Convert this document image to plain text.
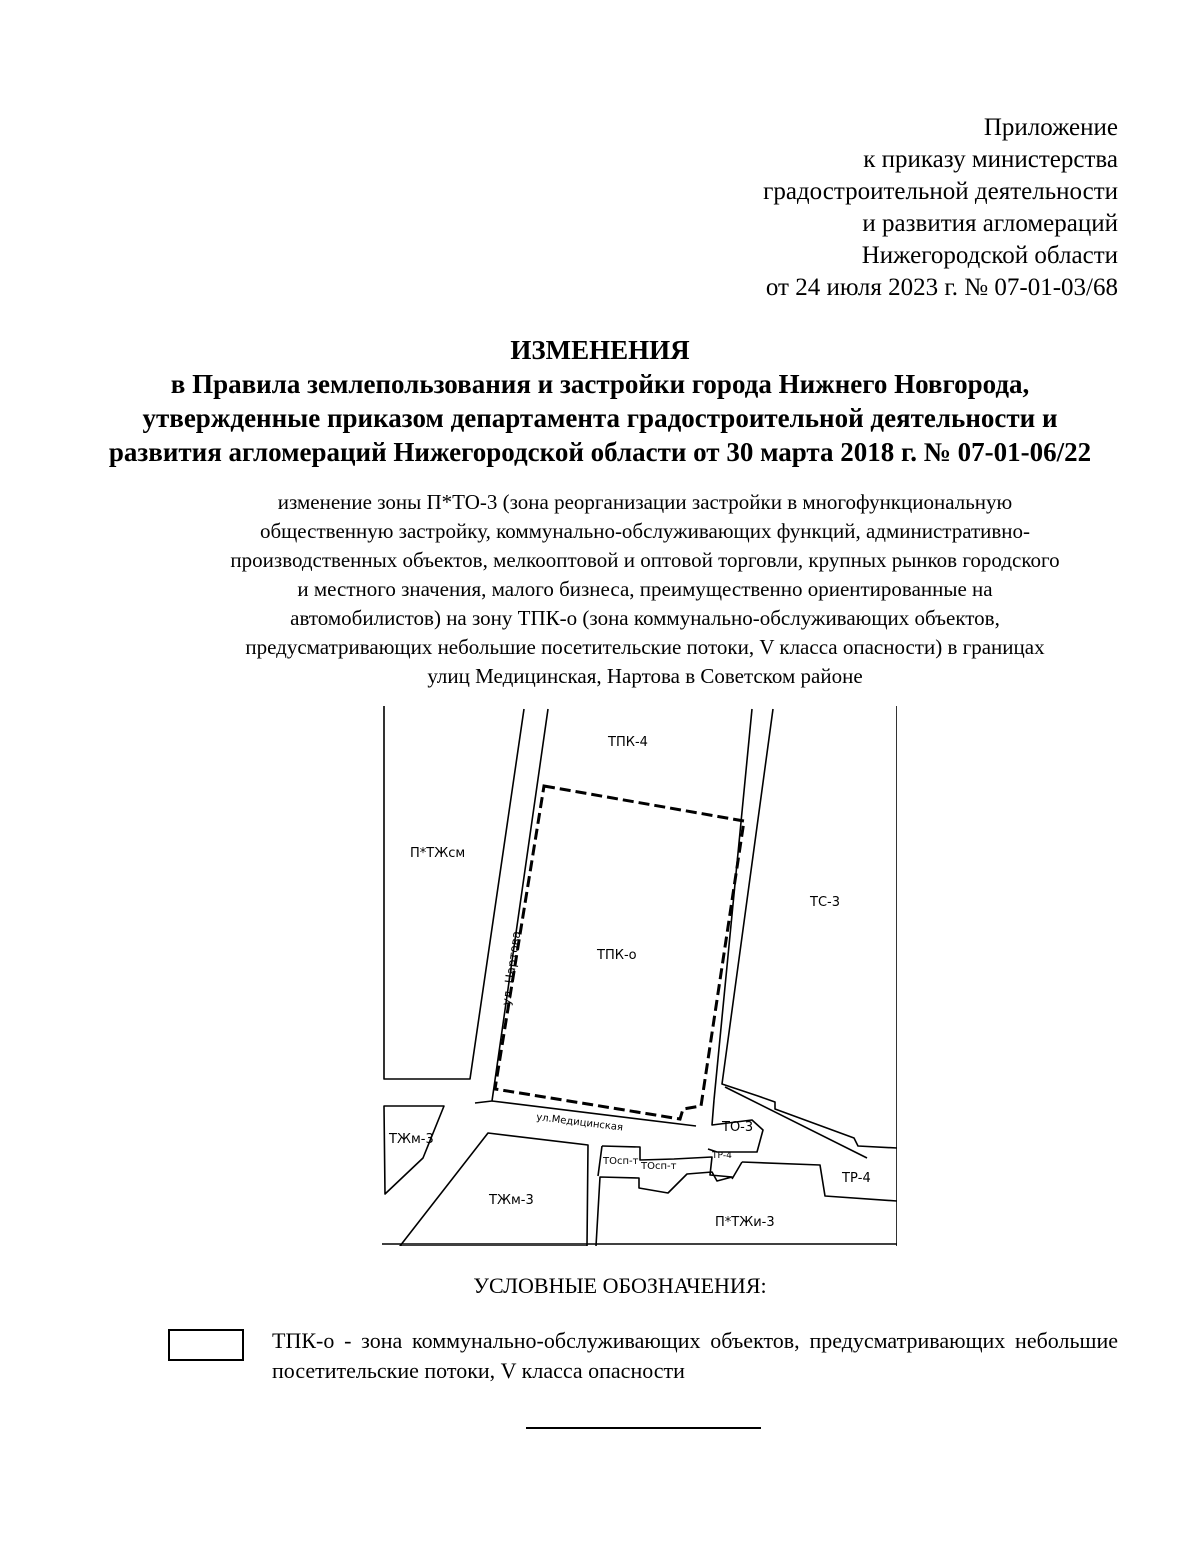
Приложение
к приказу министерства
градостроительной деятельности
и развития агломераций
Нижегородской области
от 24 июля 2023 г. № 07-01-03/68
ИЗМЕНЕНИЯ
в Правила землепользования и застройки города Нижнего Новгорода,
утвержденные приказом департамента градостроительной деятельности и
развития агломераций Нижегородской области от 30 марта 2018 г. № 07-01-06/22
изменение зоны П*ТО-3 (зона реорганизации застройки в многофункциональную
общественную застройку, коммунально-обслуживающих функций, административно-
производственных объектов, мелкооптовой и оптовой торговли, крупных рынков городского
и местного значения, малого бизнеса, преимущественно ориентированные на
автомобилистов) на зону ТПК-о (зона коммунально-обслуживающих объектов,
предусматривающих небольшие посетительские потоки, V класса опасности) в границах
улиц Медицинская, Нартова в Советском районе
ТПК-4
П*ТЖсм
ТС-3
ТПК-о
ул. Нартова
ул.Медицинская
ТЖм-3
ТЖм-3
ТО-3
ТР-4
ТОсп-т ТОсп-т
ТР-4
П*ТЖи-3
УСЛОВНЫЕ ОБОЗНАЧЕНИЯ:
ТПК-о - зона коммунально-обслуживающих объектов, предусматривающих небольшие посетительские потоки, V класса опасности
